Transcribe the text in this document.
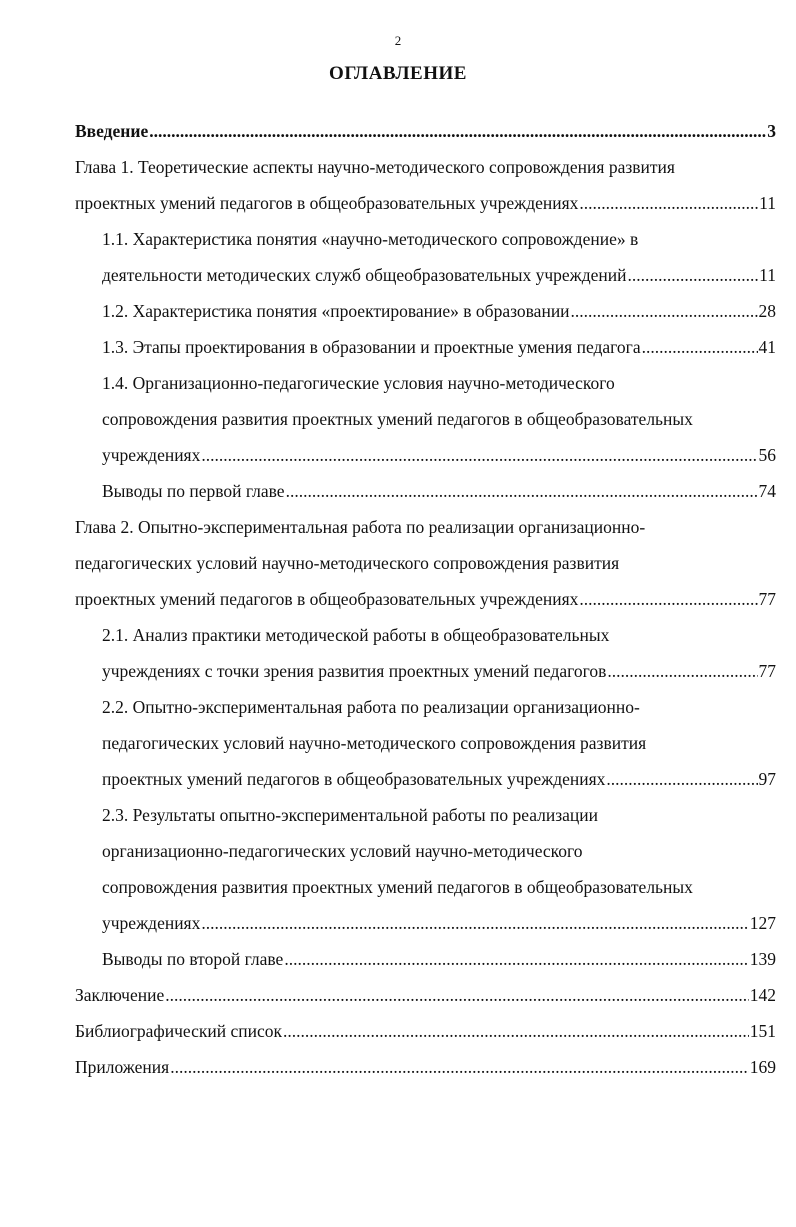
2
ОГЛАВЛЕНИЕ
Введение .....	3
Глава 1. Теоретические аспекты научно-методического сопровождения развития
проектных умений педагогов в общеобразовательных учреждениях .....	11
1.1. Характеристика понятия «научно-методического сопровождение» в
деятельности методических служб общеобразовательных учреждений .....	11
1.2. Характеристика понятия «проектирование» в образовании .....	28
1.3. Этапы проектирования в образовании и проектные умения педагога .....	41
1.4. Организационно-педагогические условия научно-методического
сопровождения развития проектных умений педагогов в общеобразовательных
учреждениях .....	56
Выводы по первой главе .....	74
Глава 2. Опытно-экспериментальная работа по реализации организационно-
педагогических условий научно-методического сопровождения развития
проектных умений педагогов в общеобразовательных учреждениях .....	77
2.1. Анализ практики методической работы в общеобразовательных
учреждениях с точки зрения развития проектных умений педагогов .....	77
2.2. Опытно-экспериментальная работа по реализации организационно-
педагогических условий научно-методического сопровождения развития
проектных умений педагогов в общеобразовательных учреждениях .....	97
2.3. Результаты опытно-экспериментальной работы по реализации
организационно-педагогических условий научно-методического
сопровождения развития проектных умений педагогов в общеобразовательных
учреждениях .....	127
Выводы по второй главе .....	139
Заключение .....	142
Библиографический список .....	151
Приложения .....	169
